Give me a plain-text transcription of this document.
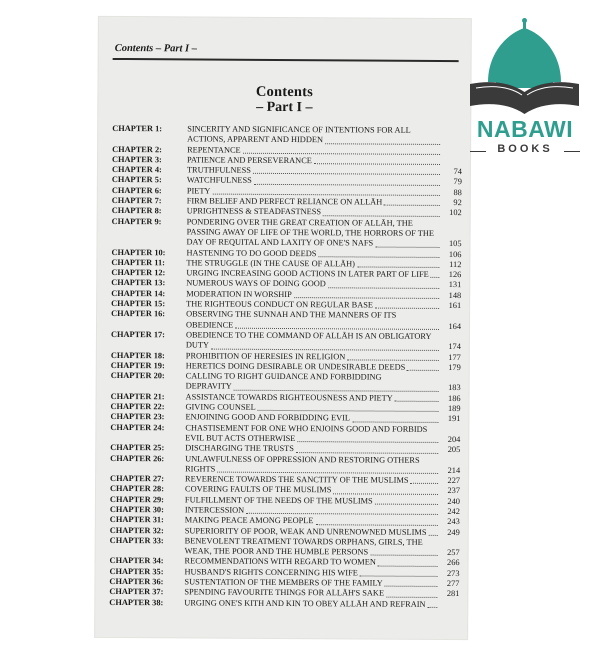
Contents – Part I –
Contents
– Part I –
CHAPTER 1:	SINCERITY AND SIGNIFICANCE OF INTENTIONS FOR ALL
ACTIONS, APPARENT AND HIDDEN
CHAPTER 2:	REPENTANCE
CHAPTER 3:	PATIENCE AND PERSEVERANCE
CHAPTER 4:	TRUTHFULNESS	74
CHAPTER 5:	WATCHFULNESS	79
CHAPTER 6:	PIETY	88
CHAPTER 7:	FIRM BELIEF AND PERFECT RELIANCE ON ALLĀH	92
CHAPTER 8:	UPRIGHTNESS & STEADFASTNESS	102
CHAPTER 9:	PONDERING OVER THE GREAT CREATION OF ALLĀH, THE
PASSING AWAY OF LIFE OF THE WORLD, THE HORRORS OF THE
DAY OF REQUITAL AND LAXITY OF ONE'S NAFS	105
CHAPTER 10:	HASTENING TO DO GOOD DEEDS	106
CHAPTER 11:	THE STRUGGLE (IN THE CAUSE OF ALLĀH)	112
CHAPTER 12:	URGING INCREASING GOOD ACTIONS IN LATER PART OF LIFE	126
CHAPTER 13:	NUMEROUS WAYS OF DOING GOOD	131
CHAPTER 14:	MODERATION IN WORSHIP	148
CHAPTER 15:	THE RIGHTEOUS CONDUCT ON REGULAR BASE	161
CHAPTER 16:	OBSERVING THE SUNNAH AND THE MANNERS OF ITS
OBEDIENCE	164
CHAPTER 17:	OBEDIENCE TO THE COMMAND OF ALLĀH IS AN OBLIGATORY
DUTY	174
CHAPTER 18:	PROHIBITION OF HERESIES IN RELIGION	177
CHAPTER 19:	HERETICS DOING DESIRABLE OR UNDESIRABLE DEEDS	179
CHAPTER 20:	CALLING TO RIGHT GUIDANCE AND FORBIDDING
DEPRAVITY	183
CHAPTER 21:	ASSISTANCE TOWARDS RIGHTEOUSNESS AND PIETY	186
CHAPTER 22:	GIVING COUNSEL	189
CHAPTER 23:	ENJOINING GOOD AND FORBIDDING EVIL	191
CHAPTER 24:	CHASTISEMENT FOR ONE WHO ENJOINS GOOD AND FORBIDS
EVIL BUT ACTS OTHERWISE	204
CHAPTER 25:	DISCHARGING THE TRUSTS	205
CHAPTER 26:	UNLAWFULNESS OF OPPRESSION AND RESTORING OTHERS
RIGHTS	214
CHAPTER 27:	REVERENCE TOWARDS THE SANCTITY OF THE MUSLIMS	227
CHAPTER 28:	COVERING FAULTS OF THE MUSLIMS	237
CHAPTER 29:	FULFILLMENT OF THE NEEDS OF THE MUSLIMS	240
CHAPTER 30:	INTERCESSION	242
CHAPTER 31:	MAKING PEACE AMONG PEOPLE	243
CHAPTER 32:	SUPERIORITY OF POOR, WEAK AND UNRENOWNED MUSLIMS	249
CHAPTER 33:	BENEVOLENT TREATMENT TOWARDS ORPHANS, GIRLS, THE
WEAK, THE POOR AND THE HUMBLE PERSONS	257
CHAPTER 34:	RECOMMENDATIONS WITH REGARD TO WOMEN	266
CHAPTER 35:	HUSBAND'S RIGHTS CONCERNING HIS WIFE	273
CHAPTER 36:	SUSTENTATION OF THE MEMBERS OF THE FAMILY	277
CHAPTER 37:	SPENDING FAVOURITE THINGS FOR ALLĀH'S SAKE	281
CHAPTER 38:	URGING ONE'S KITH AND KIN TO OBEY ALLĀH AND REFRAIN
NABAWI
BOOKS
